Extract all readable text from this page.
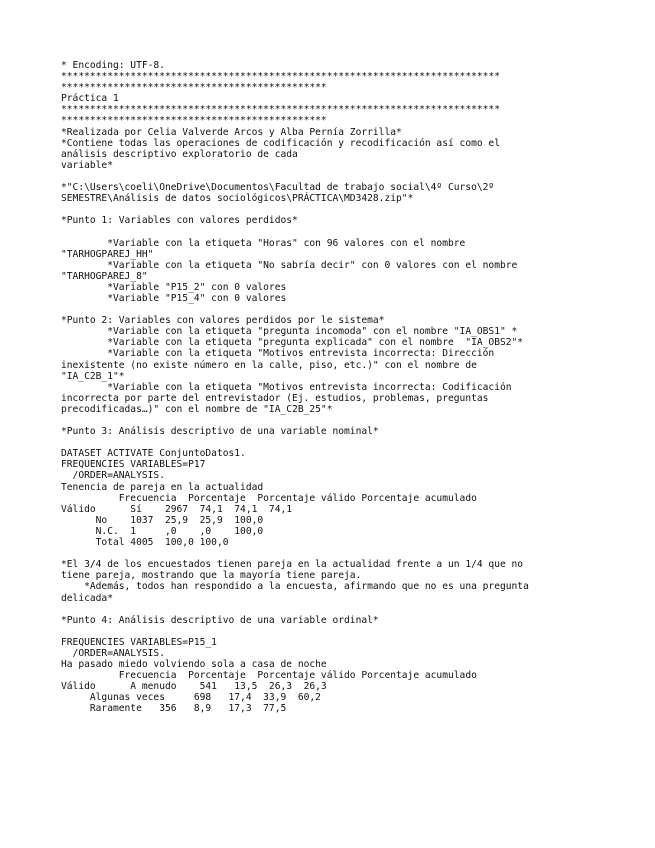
* Encoding: UTF-8.
****************************************************************************
**********************************************
Práctica 1
****************************************************************************
**********************************************
*Realizada por Celia Valverde Arcos y Alba Pernía Zorrilla*
*Contiene todas las operaciones de codificación y recodificación así como el
análisis descriptivo exploratorio de cada
variable*
*"C:\Users\coeli\OneDrive\Documentos\Facultad de trabajo social\4º Curso\2º
SEMESTRE\Análisis de datos sociológicos\PRÁCTICA\MD3428.zip"*
*Punto 1: Variables con valores perdidos*
*Variable con la etiqueta "Horas" con 96 valores con el nombre
"TARHOGPAREJ_HH"
*Variable con la etiqueta "No sabría decir" con 0 valores con el nombre
"TARHOGPAREJ_8"
*Variable "P15_2" con 0 valores
*Variable "P15_4" con 0 valores
*Punto 2: Variables con valores perdidos por le sistema*
*Variable con la etiqueta "pregunta incomoda" con el nombre "IA_OBS1" *
*Variable con la etiqueta "pregunta explicada" con el nombre  "IA_OBS2"*
*Variable con la etiqueta "Motivos entrevista incorrecta: Dirección
inexistente (no existe número en la calle, piso, etc.)" con el nombre de
"IA_C2B_1"*
*Variable con la etiqueta "Motivos entrevista incorrecta: Codificación
incorrecta por parte del entrevistador (Ej. estudios, problemas, preguntas
precodificadas…)" con el nombre de "IA_C2B_25"*
*Punto 3: Análisis descriptivo de una variable nominal*
DATASET ACTIVATE ConjuntoDatos1.
FREQUENCIES VARIABLES=P17
/ORDER=ANALYSIS.
Tenencia de pareja en la actualidad
Frecuencia  Porcentaje  Porcentaje válido Porcentaje acumulado
Válido      Sí    2967  74,1  74,1  74,1
No    1037  25,9  25,9  100,0
N.C.  1     ,0    ,0    100,0
Total 4005  100,0 100,0
*El 3/4 de los encuestados tienen pareja en la actualidad frente a un 1/4 que no
tiene pareja, mostrando que la mayoría tiene pareja.
*Además, todos han respondido a la encuesta, afirmando que no es una pregunta
delicada*
*Punto 4: Análisis descriptivo de una variable ordinal*
FREQUENCIES VARIABLES=P15_1
/ORDER=ANALYSIS.
Ha pasado miedo volviendo sola a casa de noche
Frecuencia  Porcentaje  Porcentaje válido Porcentaje acumulado
Válido      A menudo    541   13,5  26,3  26,3
Algunas veces     698   17,4  33,9  60,2
Raramente   356   8,9   17,3  77,5
